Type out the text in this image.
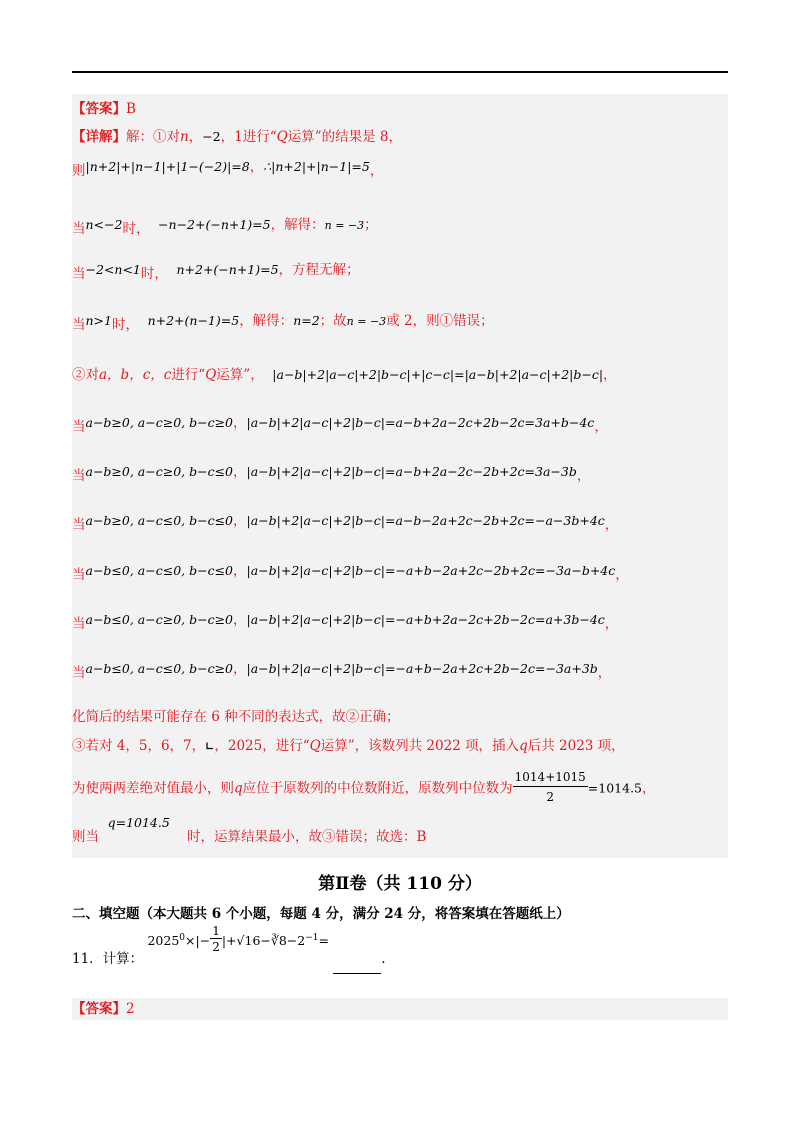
【答案】B
【详解】解：①对n，−2，1进行“Q运算”的结果是 8，
则|n+2|+|n−1|+|1−(−2)|=8，∴|n+2|+|n−1|=5，
当n<−2时， −n−2+(−n+1)=5，解得：n = −3；
当−2<n<1时， n+2+(−n+1)=5，方程无解；
当n>1时， n+2+(n−1)=5，解得：n=2；故n = −3或 2，则①错误；
②对a，b，c，c进行“Q运算”， |a−b|+2|a−c|+2|b−c|+|c−c|=|a−b|+2|a−c|+2|b−c|，
当a−b≥0, a−c≥0, b−c≥0，|a−b|+2|a−c|+2|b−c|=a−b+2a−2c+2b−2c=3a+b−4c，
当a−b≥0, a−c≥0, b−c≤0，|a−b|+2|a−c|+2|b−c|=a−b+2a−2c−2b+2c=3a−3b，
当a−b≥0, a−c≤0, b−c≤0，|a−b|+2|a−c|+2|b−c|=a−b−2a+2c−2b+2c=−a−3b+4c，
当a−b≤0, a−c≤0, b−c≤0，|a−b|+2|a−c|+2|b−c|=−a+b−2a+2c−2b+2c=−3a−b+4c，
当a−b≤0, a−c≥0, b−c≥0，|a−b|+2|a−c|+2|b−c|=−a+b+2a−2c+2b−2c=a+3b−4c，
当a−b≤0, a−c≤0, b−c≥0，|a−b|+2|a−c|+2|b−c|=−a+b−2a+2c+2b−2c=−3a+3b，
化简后的结果可能存在 6 种不同的表达式，故②正确；
③若对 4，5，6，7，∟，2025，进行“Q运算”，该数列共 2022 项，插入q后共 2023 项，
为使两两差绝对值最小，则q应位于原数列的中位数附近，原数列中位数为 $\frac{1014+1015}{2} =1014.5$，
则当  q=1014.5    时，运算结果最小，故③错误；故选：B
第Ⅱ卷（共 110 分）
二、填空题（本大题共 6 个小题，每题 4 分，满分 24 分，将答案填在答题纸上）
11．计算： $2025^0\times|- \frac{1}{2}$ $|+√16-∛8-2^{-1}=$ .
【答案】2
